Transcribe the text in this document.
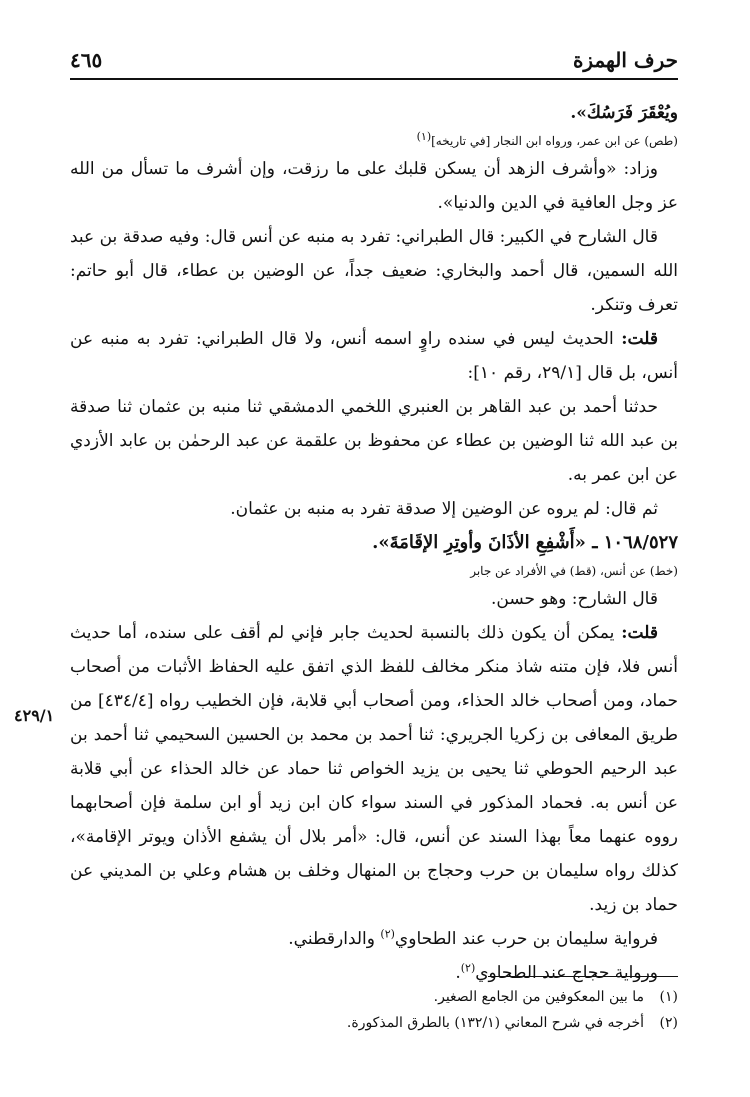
حرف الهمزة
٤٦٥

ويُعْقَرَ فَرَسُكَ».

(طص) عن ابن عمر، ورواه ابن النجار [في تاريخه](١)

وزاد: «وأشرف الزهد أن يسكن قلبك على ما رزقت، وإن أشرف ما تسأل من الله عز وجل العافية في الدين والدنيا».

قال الشارح في الكبير: قال الطبراني: تفرد به منبه عن أنس قال: وفيه صدقة بن عبد الله السمين، قال أحمد والبخاري: ضعيف جداً، عن الوضين بن عطاء، قال أبو حاتم: تعرف وتنكر.

قلت: الحديث ليس في سنده راوٍ اسمه أنس، ولا قال الطبراني: تفرد به منبه عن أنس، بل قال [٢٩/١، رقم ١٠]:

حدثنا أحمد بن عبد القاهر بن العنبري اللخمي الدمشقي ثنا منبه بن عثمان ثنا صدقة بن عبد الله ثنا الوضين بن عطاء عن محفوظ بن علقمة عن عبد الرحمٰن بن عابد الأزدي عن ابن عمر به.

ثم قال: لم يروه عن الوضين إلا صدقة تفرد به منبه بن عثمان.

١٠٦٨/٥٢٧ ـ «أَشْفِعِ الأذَانَ وأوتِرِ الإقَامَةَ».

(خط) عن أنس، (قط) في الأفراد عن جابر

قال الشارح: وهو حسن.

قلت: يمكن أن يكون ذلك بالنسبة لحديث جابر فإني لم أقف على سنده، أما حديث أنس فلا، فإن متنه شاذ منكر مخالف للفظ الذي اتفق عليه الحفاظ الأثبات من أصحاب حماد، ومن أصحاب خالد الحذاء، ومن أصحاب أبي قلابة، فإن الخطيب رواه [٤٣٤/٤] من طريق المعافى بن زكريا الجريري: ثنا أحمد بن محمد بن الحسين السحيمي ثنا أحمد بن عبد الرحيم الحوطي ثنا يحيى بن يزيد الخواص ثنا حماد عن خالد الحذاء عن أبي قلابة عن أنس به. فحماد المذكور في السند سواء كان ابن زيد أو ابن سلمة فإن أصحابهما رووه عنهما معاً بهذا السند عن أنس، قال: «أمر بلال أن يشفع الأذان ويوتر الإقامة»، كذلك رواه سليمان بن حرب وحجاج بن المنهال وخلف بن هشام وعلي بن المديني عن حماد بن زيد.

فرواية سليمان بن حرب عند الطحاوي$^{(٢)}$ والدارقطني.

ورواية حجاج عند الطحاوي$^{(٢)}$.

٤٢٩/١

(١)ما بين المعكوفين من الجامع الصغير.

(٢)أخرجه في شرح المعاني (١٣٢/١) بالطرق المذكورة.
